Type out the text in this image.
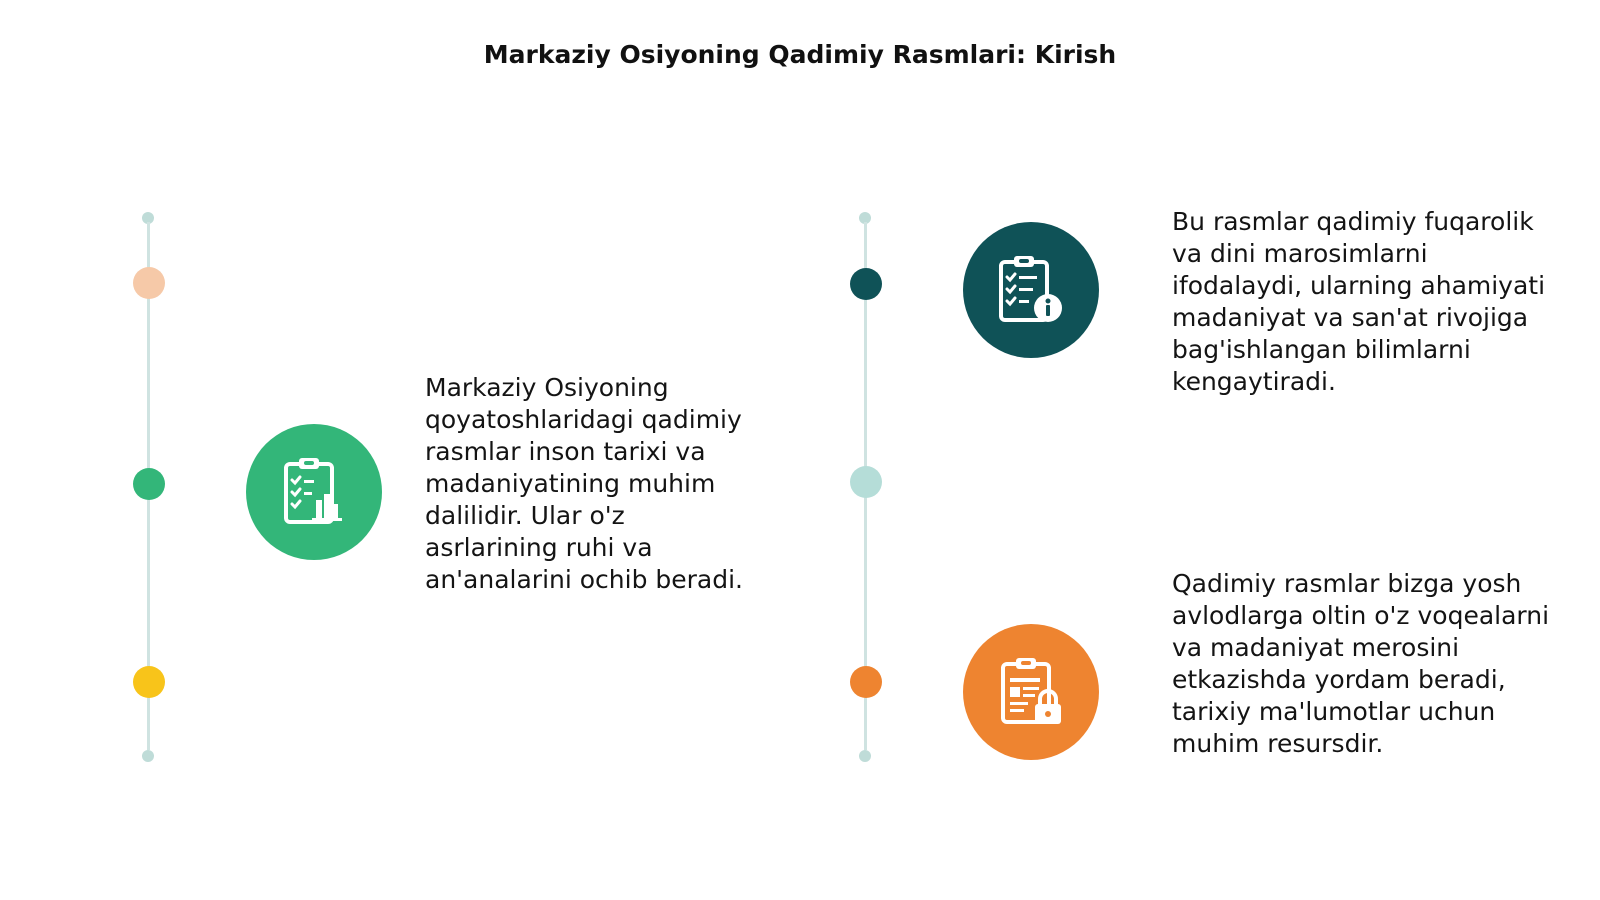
Markaziy Osiyoning Qadimiy Rasmlari: Kirish
Markaziy Osiyoning qoyatoshlaridagi qadimiy rasmlar inson tarixi va madaniyatining muhim dalilidir. Ular o'z asrlarining ruhi va an'analarini ochib beradi.
Bu rasmlar qadimiy fuqarolik va dini marosimlarni ifodalaydi, ularning ahamiyati madaniyat va san'at rivojiga bag'ishlangan bilimlarni kengaytiradi.
Qadimiy rasmlar bizga yosh avlodlarga oltin o'z voqealarni va madaniyat merosini etkazishda yordam beradi, tarixiy ma'lumotlar uchun muhim resursdir.
